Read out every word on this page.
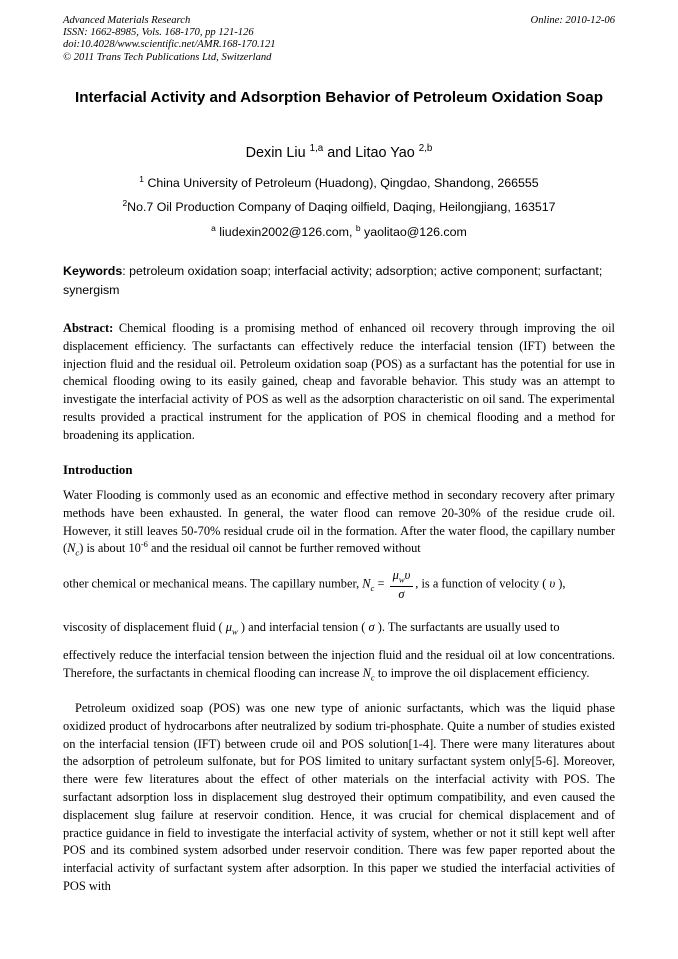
Advanced Materials Research
ISSN: 1662-8985, Vols. 168-170, pp 121-126
doi:10.4028/www.scientific.net/AMR.168-170.121
© 2011 Trans Tech Publications Ltd, Switzerland
Online: 2010-12-06
Interfacial Activity and Adsorption Behavior of Petroleum Oxidation Soap
Dexin Liu $^{1,a}$ and Litao Yao $^{2,b}$
$^1$ China University of Petroleum (Huadong), Qingdao, Shandong, 266555
$^2$No.7 Oil Production Company of Daqing oilfield, Daqing, Heilongjiang, 163517
$^a$ liudexin2002@126.com, $^b$ yaolitao@126.com
Keywords: petroleum oxidation soap; interfacial activity; adsorption; active component; surfactant; synergism
Abstract: Chemical flooding is a promising method of enhanced oil recovery through improving the oil displacement efficiency. The surfactants can effectively reduce the interfacial tension (IFT) between the injection fluid and the residual oil. Petroleum oxidation soap (POS) as a surfactant has the potential for use in chemical flooding owing to its easily gained, cheap and favorable behavior. This study was an attempt to investigate the interfacial activity of POS as well as the adsorption characteristic on oil sand. The experimental results provided a practical instrument for the application of POS in chemical flooding and a method for broadening its application.
Introduction
Water Flooding is commonly used as an economic and effective method in secondary recovery after primary methods have been exhausted. In general, the water flood can remove 20-30% of the residue crude oil. However, it still leaves 50-70% residual crude oil in the formation. After the water flood, the capillary number $(N_c)$ is about $10^{-6}$ and the residual oil cannot be further removed without
other chemical or mechanical means. The capillary number, $N_c = \frac{\mu_w\upsilon}{\sigma}$ , is a function of velocity ( υ ),
viscosity of displacement fluid ( $\mu_w$ ) and interfacial tension ( σ ). The surfactants are usually used to
effectively reduce the interfacial tension between the injection fluid and the residual oil at low concentrations. Therefore, the surfactants in chemical flooding can increase $N_c$ to improve the oil displacement efficiency.
Petroleum oxidized soap (POS) was one new type of anionic surfactants, which was the liquid phase oxidized product of hydrocarbons after neutralized by sodium tri-phosphate. Quite a number of studies existed on the interfacial tension (IFT) between crude oil and POS solution[1-4]. There were many literatures about the adsorption of petroleum sulfonate, but for POS limited to unitary surfactant system only[5-6]. Moreover, there were few literatures about the effect of other materials on the interfacial activity with POS. The surfactant adsorption loss in displacement slug destroyed their optimum compatibility, and even caused the displacement slug failure at reservoir condition. Hence, it was crucial for chemical displacement and of practice guidance in field to investigate the interfacial activity of system, whether or not it still kept well after POS and its combined system adsorbed under reservoir condition. There was few paper reported about the interfacial activity of surfactant system after adsorption. In this paper we studied the interfacial activities of POS with
